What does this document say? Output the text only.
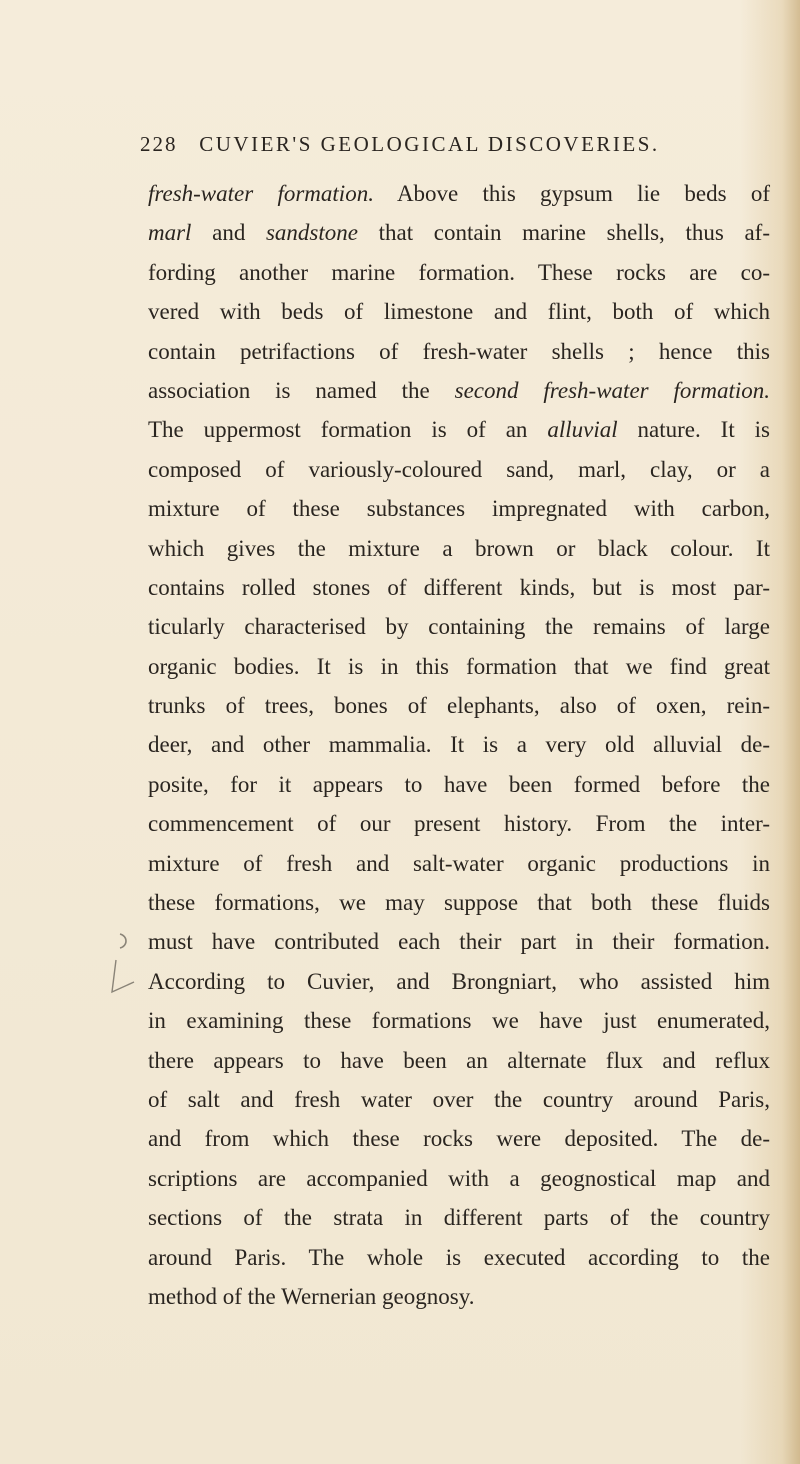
228 CUVIER'S GEOLOGICAL DISCOVERIES.
fresh-water formation. Above this gypsum lie beds of
marl and sandstone that contain marine shells, thus af-
fording another marine formation. These rocks are co-
vered with beds of limestone and flint, both of which
contain petrifactions of fresh-water shells ; hence this
association is named the second fresh-water formation.
The uppermost formation is of an alluvial nature. It is
composed of variously-coloured sand, marl, clay, or a
mixture of these substances impregnated with carbon,
which gives the mixture a brown or black colour. It
contains rolled stones of different kinds, but is most par-
ticularly characterised by containing the remains of large
organic bodies. It is in this formation that we find great
trunks of trees, bones of elephants, also of oxen, rein-
deer, and other mammalia. It is a very old alluvial de-
posite, for it appears to have been formed before the
commencement of our present history. From the inter-
mixture of fresh and salt-water organic productions in
these formations, we may suppose that both these fluids
must have contributed each their part in their formation.
According to Cuvier, and Brongniart, who assisted him
in examining these formations we have just enumerated,
there appears to have been an alternate flux and reflux
of salt and fresh water over the country around Paris,
and from which these rocks were deposited. The de-
scriptions are accompanied with a geognostical map and
sections of the strata in different parts of the country
around Paris. The whole is executed according to the
method of the Wernerian geognosy.
